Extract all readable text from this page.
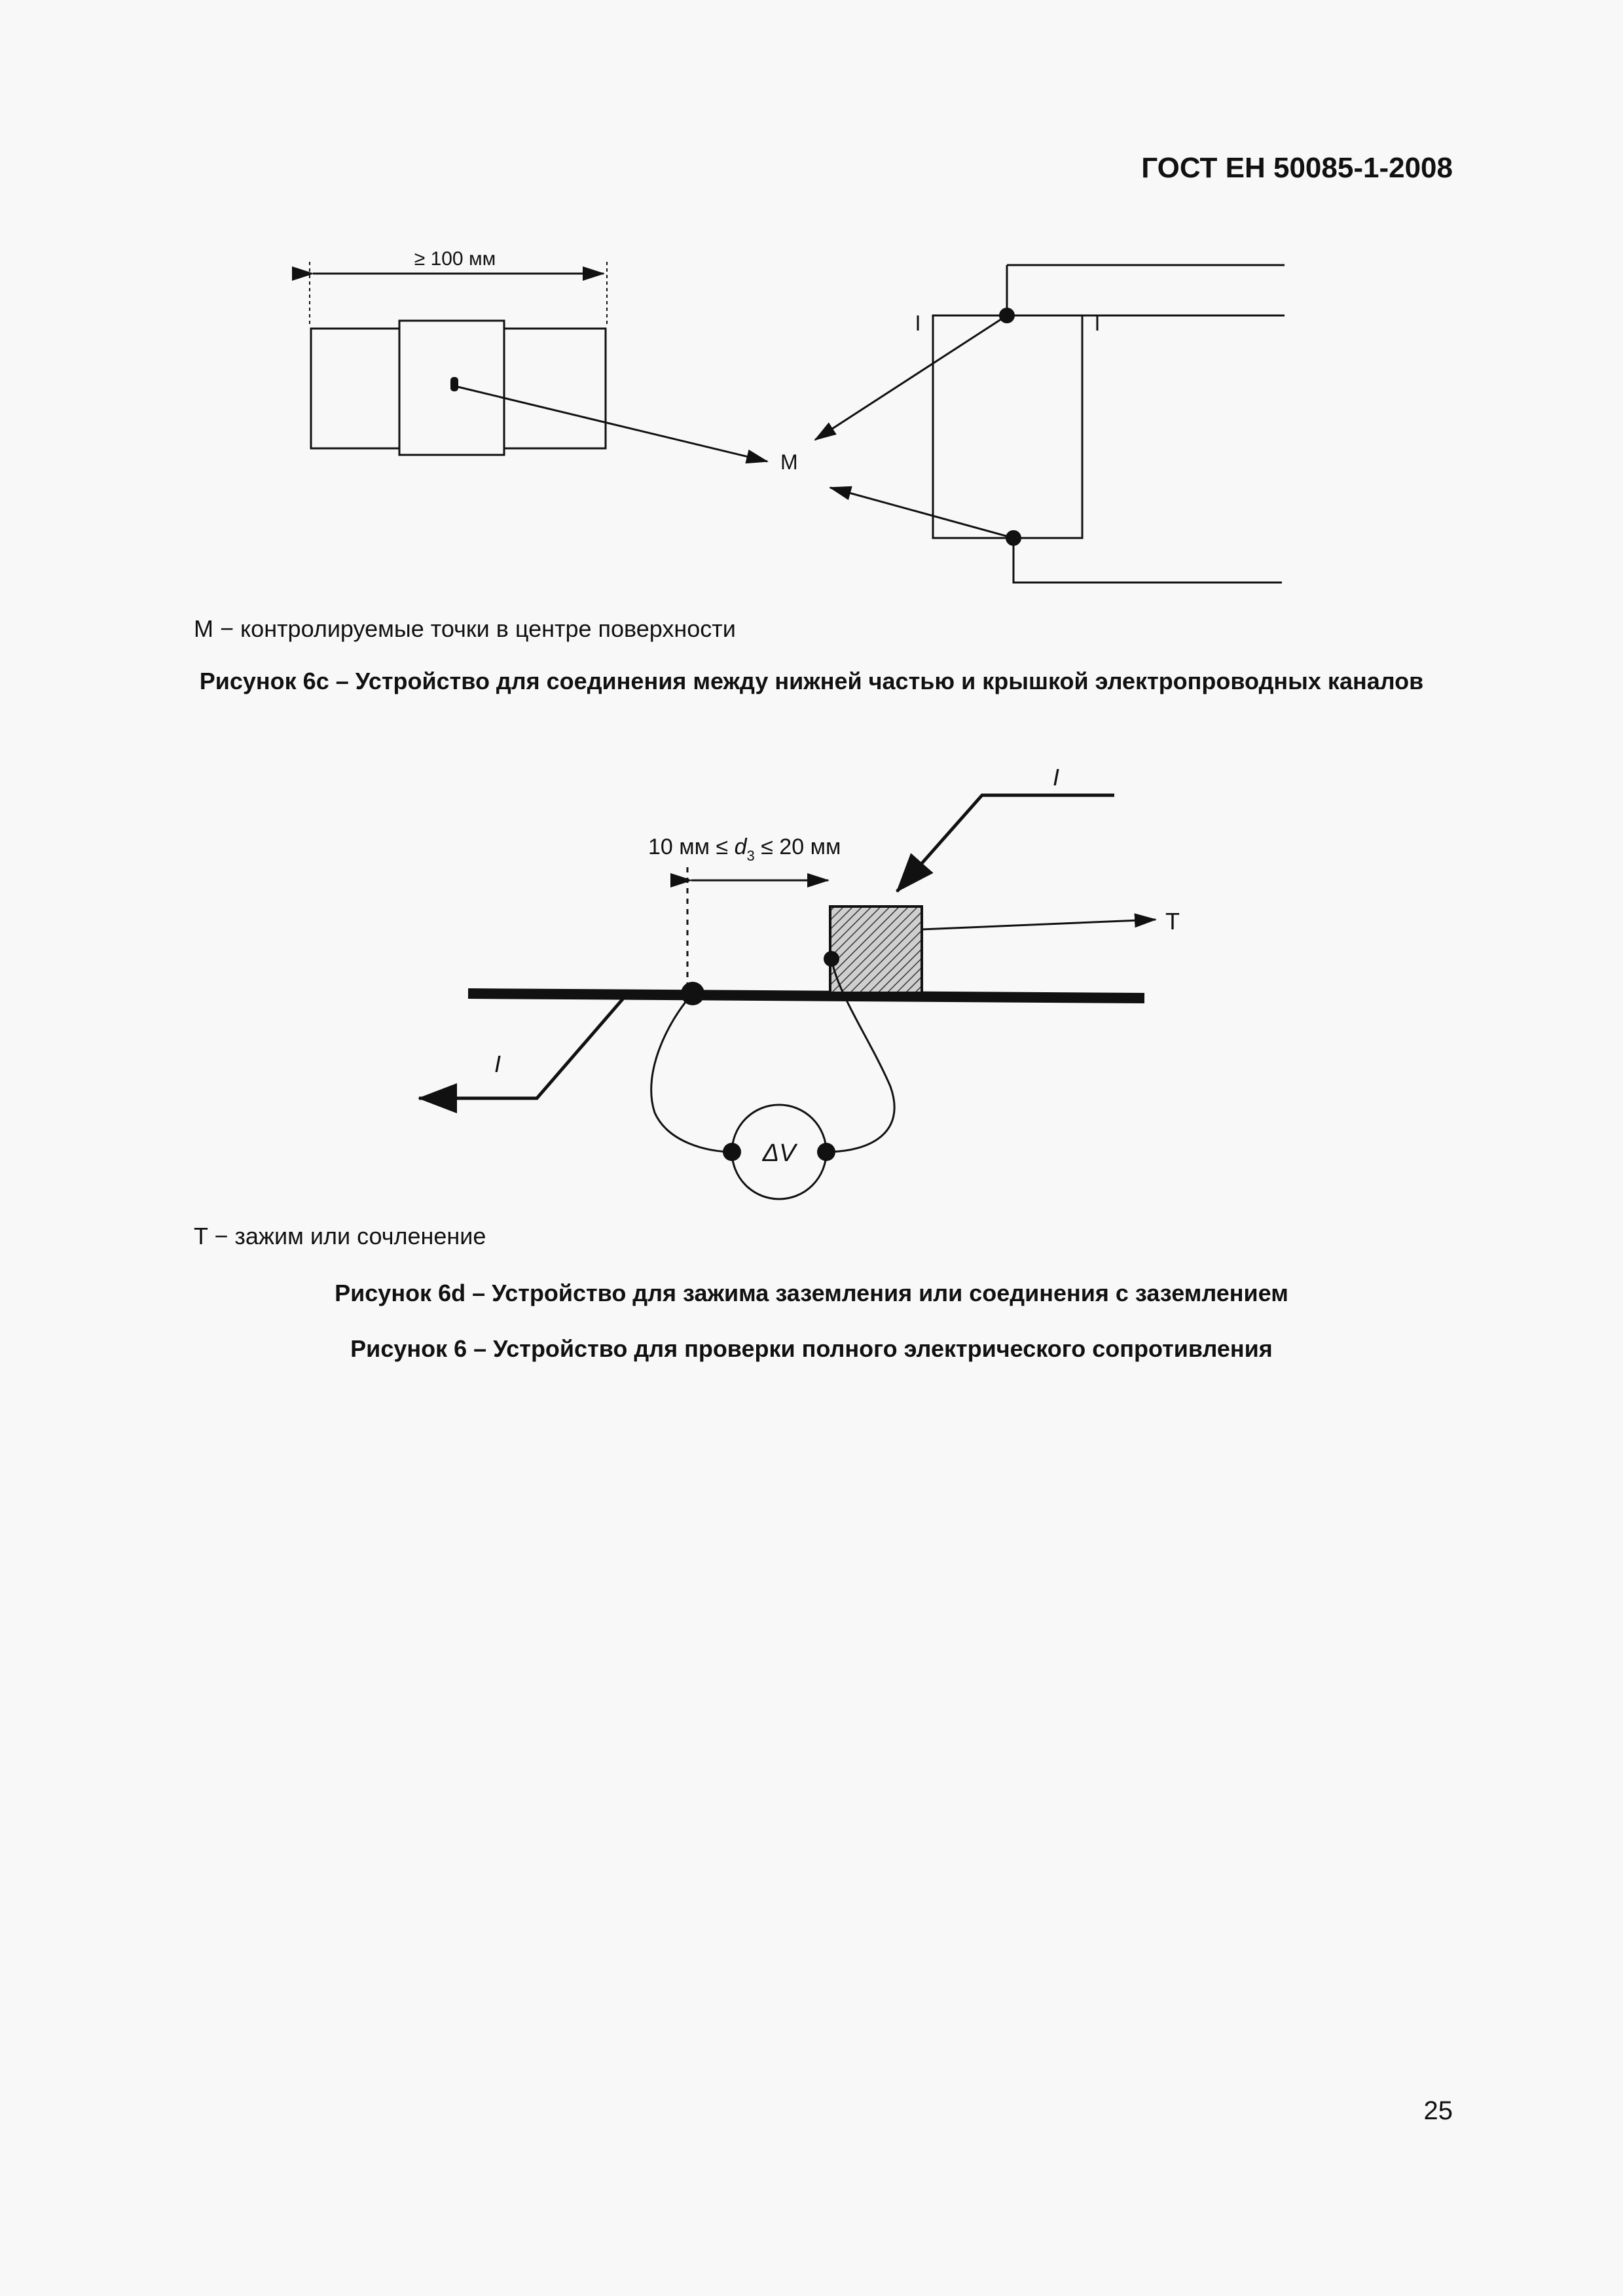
ГОСТ ЕН 50085-1-2008
≥ 100 мм
M
M − контролируемые точки в центре поверхности
Рисунок 6c – Устройство для соединения между нижней частью и крышкой электропроводных каналов
10 мм ≤ $d_3 \le 20$ мм
T
I
I
ΔV
T − зажим или сочленение
Рисунок 6d – Устройство для зажима заземления или соединения с заземлением
Рисунок 6 – Устройство для проверки полного электрического сопротивления
25
